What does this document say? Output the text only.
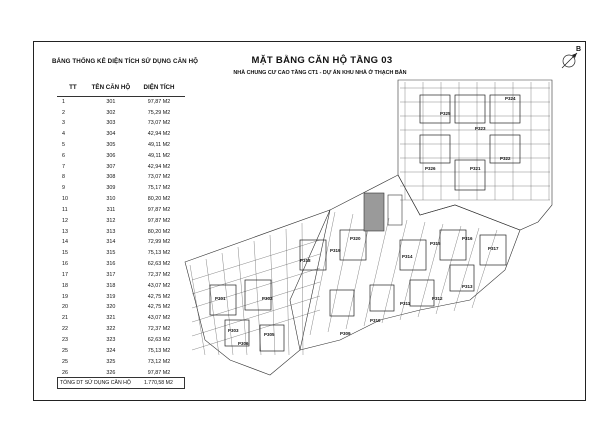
BẢNG THỐNG KÊ DIỆN TÍCH SỬ DỤNG CĂN HỘ
TT	TÊN CĂN HỘ	DIỆN TÍCH
1	301	97,87 M2
2	302	75,29 M2
3	303	73,07 M2
4	304	42,94 M2
5	305	49,11 M2
6	306	49,11 M2
7	307	42,94 M2
8	308	73,07 M2
9	309	75,17 M2
10	310	80,20 M2
11	311	97,87 M2
12	312	97,87 M2
13	313	80,20 M2
14	314	72,99 M2
15	315	75,13 M2
16	316	62,63 M2
17	317	72,37 M2
18	318	43,07 M2
19	319	42,75 M2
20	320	42,75 M2
21	321	43,07 M2
22	322	72,37 M2
23	323	62,63 M2
25	324	75,13 M2
25	325	73,12 M2
26	326	97,87 M2
TỔNG DT SỬ DỤNG CĂN HỘ	1.770,58 M2
MẶT BẰNG CĂN HỘ TẦNG 03
NHÀ CHUNG CƯ CAO TẦNG CT1 - DỰ ÁN KHU NHÀ Ở THẠCH BÀN
B
P301	P302
P303
P305
P306
P309
P310
P311
P312
P313
P314
P315
P316
P317
P318
P319
P320
P321
P322
P323
P324
P325
P326
